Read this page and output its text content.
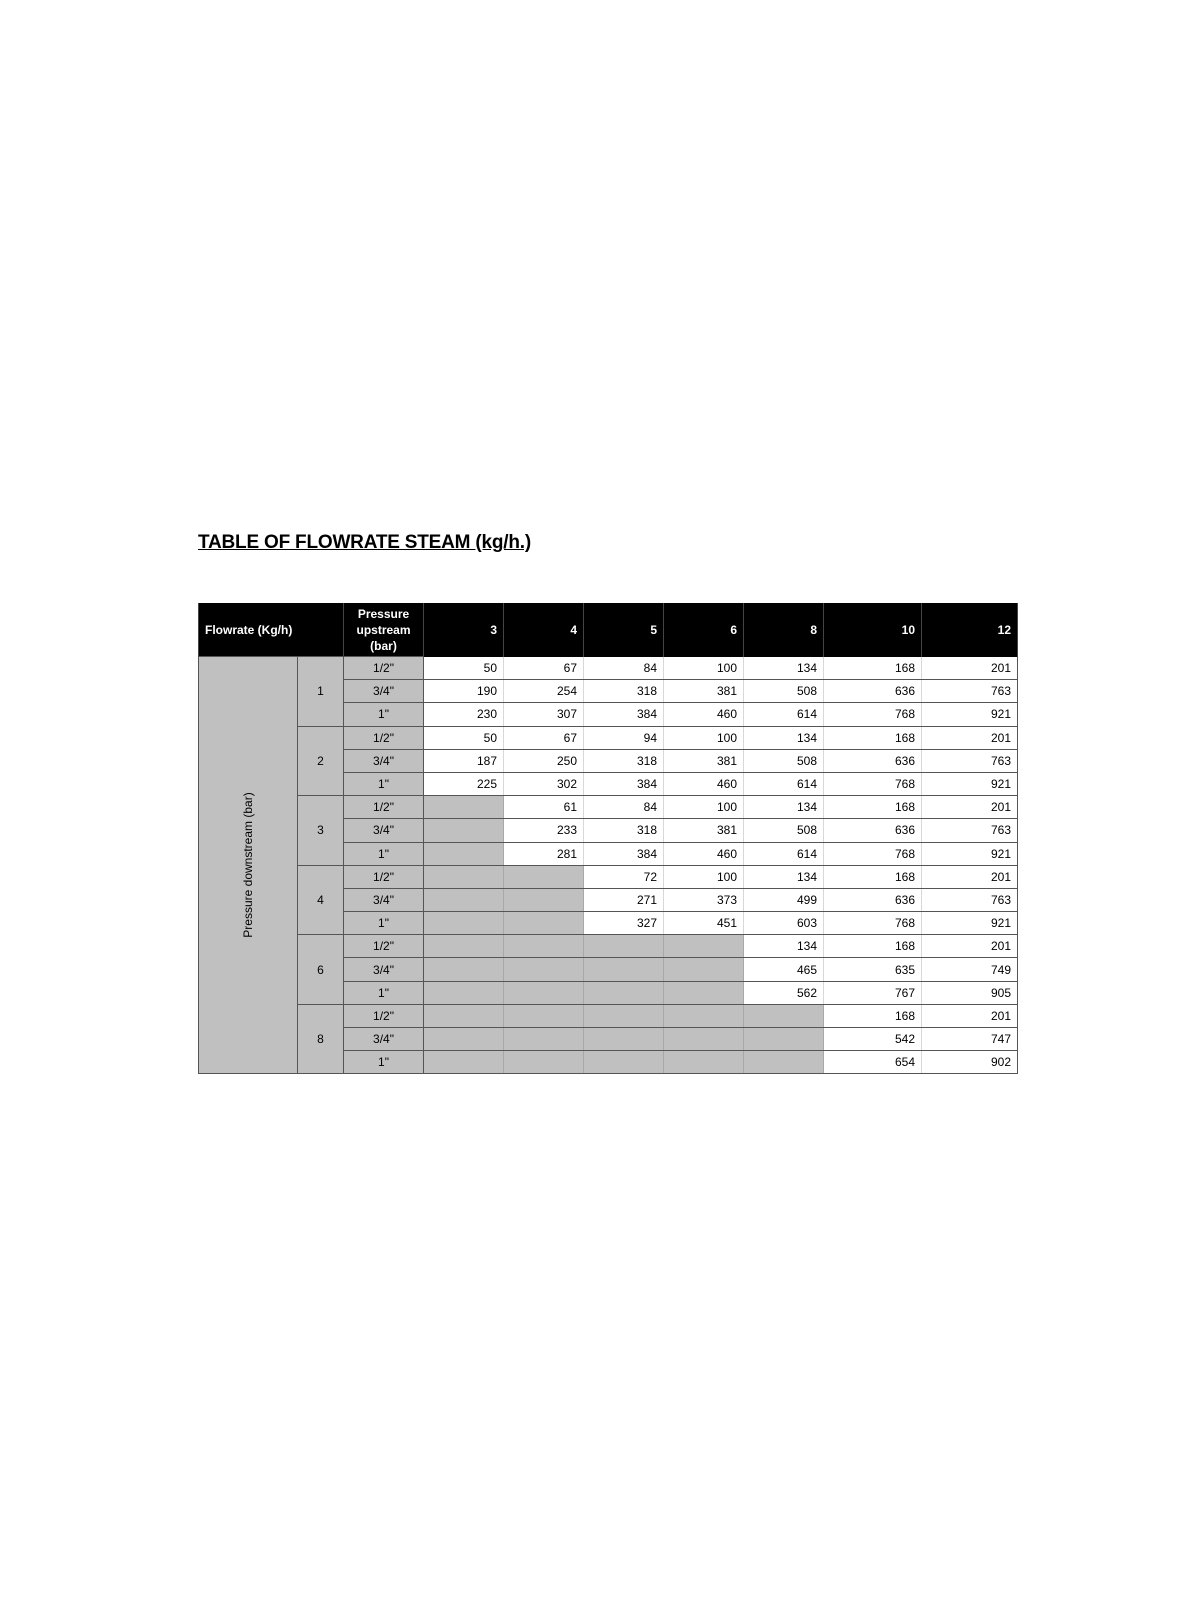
TABLE OF FLOWRATE STEAM (kg/h.)
Flowrate (Kg/h)		Pressure upstream (bar)	3	4	5	6	8	10	12

Pressure downstream (bar)	1	1/2"	50	67	84	100	134	168	201
		3/4"	190	254	318	381	508	636	763
		1"	230	307	384	460	614	768	921
	2	1/2"	50	67	94	100	134	168	201
		3/4"	187	250	318	381	508	636	763
		1"	225	302	384	460	614	768	921
	3	1/2"		61	84	100	134	168	201
		3/4"		233	318	381	508	636	763
		1"		281	384	460	614	768	921
	4	1/2"			72	100	134	168	201
		3/4"			271	373	499	636	763
		1"			327	451	603	768	921
	6	1/2"					134	168	201
		3/4"					465	635	749
		1"					562	767	905
	8	1/2"						168	201
		3/4"						542	747
		1"						654	902
